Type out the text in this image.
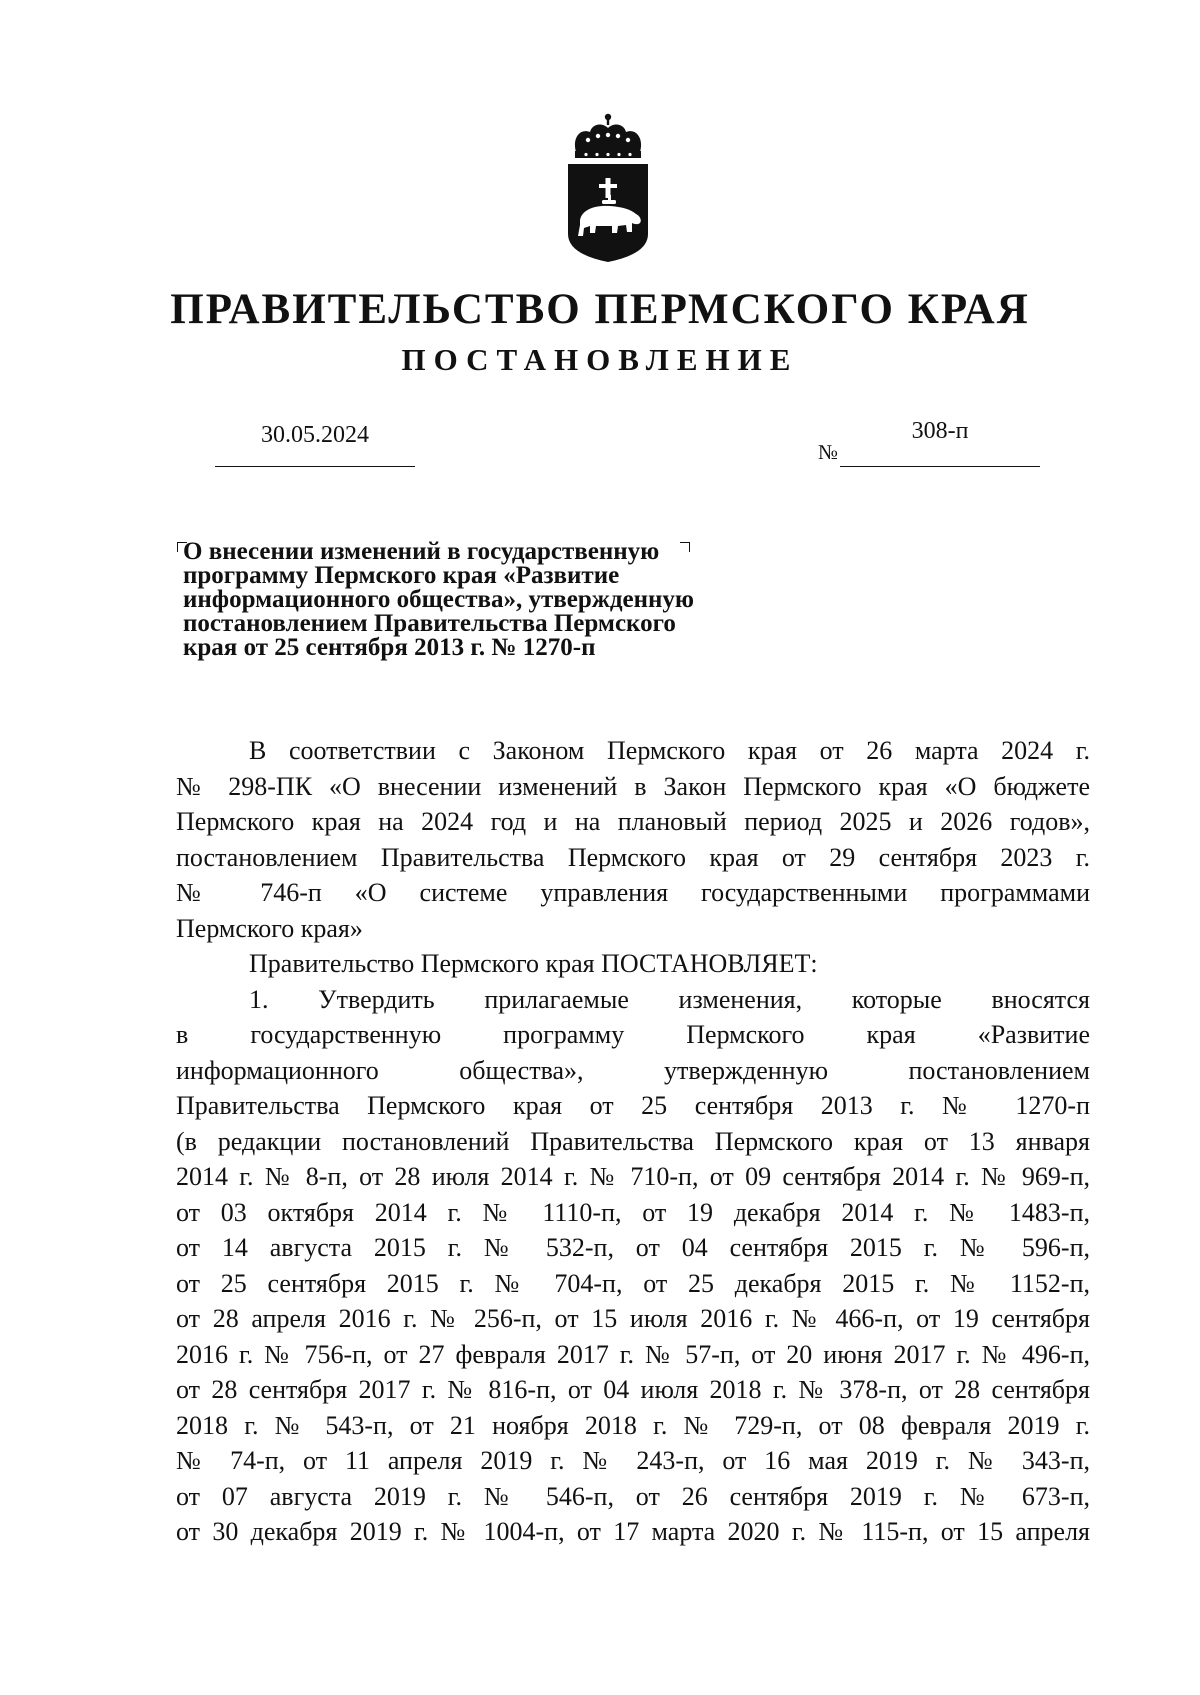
ПРАВИТЕЛЬСТВО ПЕРМСКОГО КРАЯ
ПОСТАНОВЛЕНИЕ
30.05.2024
№
308-п
О внесении изменений в государственную
программу Пермского края «Развитие
информационного общества», утвержденную
постановлением Правительства Пермского
края от 25 сентября 2013 г. № 1270-п
В соответствии с Законом Пермского края от 26 марта 2024 г.
№ 298-ПК «О внесении изменений в Закон Пермского края «О бюджете
Пермского края на 2024 год и на плановый период 2025 и 2026 годов»,
постановлением Правительства Пермского края от 29 сентября 2023 г.
№ 746-п «О системе управления государственными программами
Пермского края»
Правительство Пермского края ПОСТАНОВЛЯЕТ:
1. Утвердить прилагаемые изменения, которые вносятся
в государственную программу Пермского края «Развитие
информационного общества», утвержденную постановлением
Правительства Пермского края от 25 сентября 2013 г. № 1270-п
(в редакции постановлений Правительства Пермского края от 13 января
2014 г. № 8-п, от 28 июля 2014 г. № 710-п, от 09 сентября 2014 г. № 969-п,
от 03 октября 2014 г. № 1110-п, от 19 декабря 2014 г. № 1483-п,
от 14 августа 2015 г. № 532-п, от 04 сентября 2015 г. № 596-п,
от 25 сентября 2015 г. № 704-п, от 25 декабря 2015 г. № 1152-п,
от 28 апреля 2016 г. № 256-п, от 15 июля 2016 г. № 466-п, от 19 сентября
2016 г. № 756-п, от 27 февраля 2017 г. № 57-п, от 20 июня 2017 г. № 496-п,
от 28 сентября 2017 г. № 816-п, от 04 июля 2018 г. № 378-п, от 28 сентября
2018 г. № 543-п, от 21 ноября 2018 г. № 729-п, от 08 февраля 2019 г.
№ 74-п, от 11 апреля 2019 г. № 243-п, от 16 мая 2019 г. № 343-п,
от 07 августа 2019 г. № 546-п, от 26 сентября 2019 г. № 673-п,
от 30 декабря 2019 г. № 1004-п, от 17 марта 2020 г. № 115-п, от 15 апреля
